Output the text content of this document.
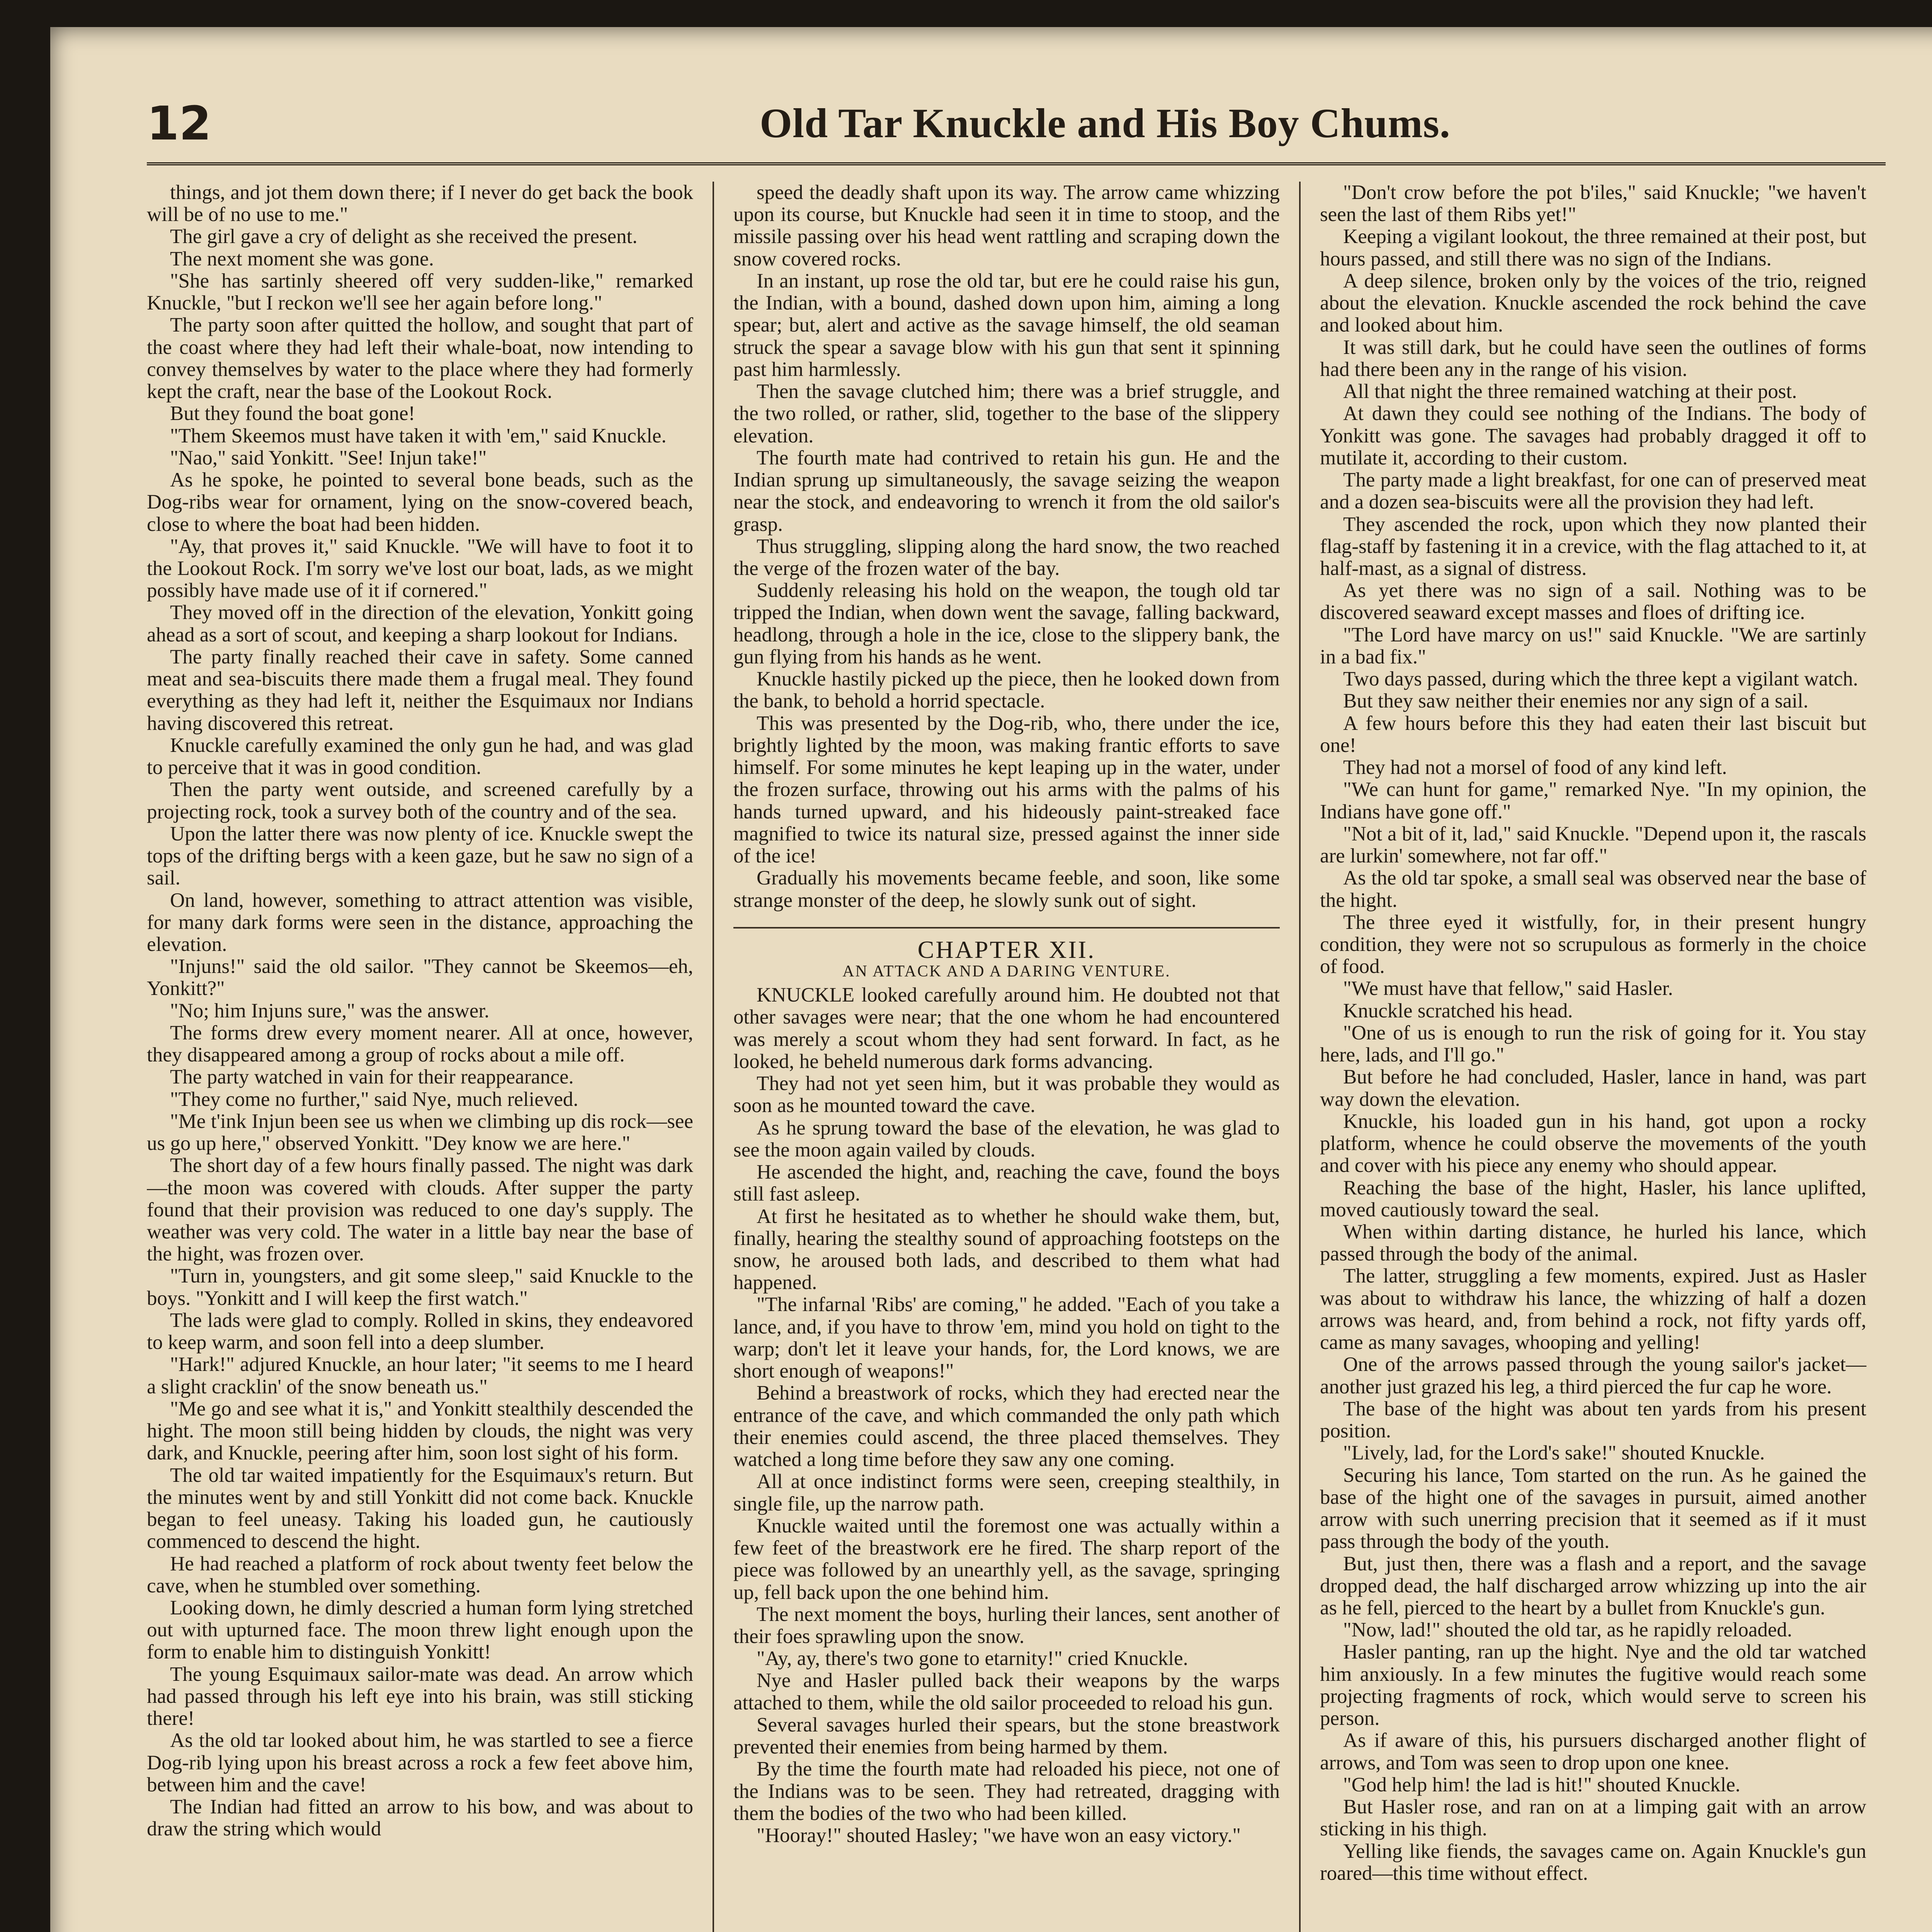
12	Old Tar Knuckle and His Boy Chums.

things, and jot them down there; if I never do get back the book will be of no use to me."

The girl gave a cry of delight as she received the present.

The next moment she was gone.

"She has sartinly sheered off very sudden-like," remarked Knuckle, "but I reckon we'll see her again before long."

The party soon after quitted the hollow, and sought that part of the coast where they had left their whale-boat, now intending to convey themselves by water to the place where they had formerly kept the craft, near the base of the Lookout Rock.

But they found the boat gone!

"Them Skeemos must have taken it with 'em," said Knuckle.

"Nao," said Yonkitt. "See! Injun take!"

As he spoke, he pointed to several bone beads, such as the Dog-ribs wear for ornament, lying on the snow-covered beach, close to where the boat had been hidden.

"Ay, that proves it," said Knuckle. "We will have to foot it to the Lookout Rock. I'm sorry we've lost our boat, lads, as we might possibly have made use of it if cornered."

They moved off in the direction of the elevation, Yonkitt going ahead as a sort of scout, and keeping a sharp lookout for Indians.

The party finally reached their cave in safety. Some canned meat and sea-biscuits there made them a frugal meal. They found everything as they had left it, neither the Esquimaux nor Indians having discovered this retreat.

Knuckle carefully examined the only gun he had, and was glad to perceive that it was in good condition.

Then the party went outside, and screened carefully by a projecting rock, took a survey both of the country and of the sea.

Upon the latter there was now plenty of ice. Knuckle swept the tops of the drifting bergs with a keen gaze, but he saw no sign of a sail.

On land, however, something to attract attention was visible, for many dark forms were seen in the distance, approaching the elevation.

"Injuns!" said the old sailor. "They cannot be Skeemos—eh, Yonkitt?"

"No; him Injuns sure," was the answer.

The forms drew every moment nearer. All at once, however, they disappeared among a group of rocks about a mile off.

The party watched in vain for their reappearance.

"They come no further," said Nye, much relieved.

"Me t'ink Injun been see us when we climbing up dis rock—see us go up here," observed Yonkitt. "Dey know we are here."

The short day of a few hours finally passed. The night was dark—the moon was covered with clouds. After supper the party found that their provision was reduced to one day's supply. The weather was very cold. The water in a little bay near the base of the hight, was frozen over.

"Turn in, youngsters, and git some sleep," said Knuckle to the boys. "Yonkitt and I will keep the first watch."

The lads were glad to comply. Rolled in skins, they endeavored to keep warm, and soon fell into a deep slumber.

"Hark!" adjured Knuckle, an hour later; "it seems to me I heard a slight cracklin' of the snow beneath us."

"Me go and see what it is," and Yonkitt stealthily descended the hight. The moon still being hidden by clouds, the night was very dark, and Knuckle, peering after him, soon lost sight of his form.

The old tar waited impatiently for the Esquimaux's return. But the minutes went by and still Yonkitt did not come back. Knuckle began to feel uneasy. Taking his loaded gun, he cautiously commenced to descend the hight.

He had reached a platform of rock about twenty feet below the cave, when he stumbled over something.

Looking down, he dimly descried a human form lying stretched out with upturned face. The moon threw light enough upon the form to enable him to distinguish Yonkitt!

The young Esquimaux sailor-mate was dead. An arrow which had passed through his left eye into his brain, was still sticking there!

As the old tar looked about him, he was startled to see a fierce Dog-rib lying upon his breast across a rock a few feet above him, between him and the cave!

The Indian had fitted an arrow to his bow, and was about to draw the string which would

speed the deadly shaft upon its way. The arrow came whizzing upon its course, but Knuckle had seen it in time to stoop, and the missile passing over his head went rattling and scraping down the snow covered rocks.

In an instant, up rose the old tar, but ere he could raise his gun, the Indian, with a bound, dashed down upon him, aiming a long spear; but, alert and active as the savage himself, the old seaman struck the spear a savage blow with his gun that sent it spinning past him harmlessly.

Then the savage clutched him; there was a brief struggle, and the two rolled, or rather, slid, together to the base of the slippery elevation.

The fourth mate had contrived to retain his gun. He and the Indian sprung up simultaneously, the savage seizing the weapon near the stock, and endeavoring to wrench it from the old sailor's grasp.

Thus struggling, slipping along the hard snow, the two reached the verge of the frozen water of the bay.

Suddenly releasing his hold on the weapon, the tough old tar tripped the Indian, when down went the savage, falling backward, headlong, through a hole in the ice, close to the slippery bank, the gun flying from his hands as he went.

Knuckle hastily picked up the piece, then he looked down from the bank, to behold a horrid spectacle.

This was presented by the Dog-rib, who, there under the ice, brightly lighted by the moon, was making frantic efforts to save himself. For some minutes he kept leaping up in the water, under the frozen surface, throwing out his arms with the palms of his hands turned upward, and his hideously paint-streaked face magnified to twice its natural size, pressed against the inner side of the ice!

Gradually his movements became feeble, and soon, like some strange monster of the deep, he slowly sunk out of sight.

CHAPTER XII.
AN ATTACK AND A DARING VENTURE.

KNUCKLE looked carefully around him. He doubted not that other savages were near; that the one whom he had encountered was merely a scout whom they had sent forward. In fact, as he looked, he beheld numerous dark forms advancing.

They had not yet seen him, but it was probable they would as soon as he mounted toward the cave.

As he sprung toward the base of the elevation, he was glad to see the moon again vailed by clouds.

He ascended the hight, and, reaching the cave, found the boys still fast asleep.

At first he hesitated as to whether he should wake them, but, finally, hearing the stealthy sound of approaching footsteps on the snow, he aroused both lads, and described to them what had happened.

"The infarnal 'Ribs' are coming," he added. "Each of you take a lance, and, if you have to throw 'em, mind you hold on tight to the warp; don't let it leave your hands, for, the Lord knows, we are short enough of weapons!"

Behind a breastwork of rocks, which they had erected near the entrance of the cave, and which commanded the only path which their enemies could ascend, the three placed themselves. They watched a long time before they saw any one coming.

All at once indistinct forms were seen, creeping stealthily, in single file, up the narrow path.

Knuckle waited until the foremost one was actually within a few feet of the breastwork ere he fired. The sharp report of the piece was followed by an unearthly yell, as the savage, springing up, fell back upon the one behind him.

The next moment the boys, hurling their lances, sent another of their foes sprawling upon the snow.

"Ay, ay, there's two gone to etarnity!" cried Knuckle.

Nye and Hasler pulled back their weapons by the warps attached to them, while the old sailor proceeded to reload his gun.

Several savages hurled their spears, but the stone breastwork prevented their enemies from being harmed by them.

By the time the fourth mate had reloaded his piece, not one of the Indians was to be seen. They had retreated, dragging with them the bodies of the two who had been killed.

"Hooray!" shouted Hasley; "we have won an easy victory."

"Don't crow before the pot b'iles," said Knuckle; "we haven't seen the last of them Ribs yet!"

Keeping a vigilant lookout, the three remained at their post, but hours passed, and still there was no sign of the Indians.

A deep silence, broken only by the voices of the trio, reigned about the elevation. Knuckle ascended the rock behind the cave and looked about him.

It was still dark, but he could have seen the outlines of forms had there been any in the range of his vision.

All that night the three remained watching at their post.

At dawn they could see nothing of the Indians. The body of Yonkitt was gone. The savages had probably dragged it off to mutilate it, according to their custom.

The party made a light breakfast, for one can of preserved meat and a dozen sea-biscuits were all the provision they had left.

They ascended the rock, upon which they now planted their flag-staff by fastening it in a crevice, with the flag attached to it, at half-mast, as a signal of distress.

As yet there was no sign of a sail. Nothing was to be discovered seaward except masses and floes of drifting ice.

"The Lord have marcy on us!" said Knuckle. "We are sartinly in a bad fix."

Two days passed, during which the three kept a vigilant watch.

But they saw neither their enemies nor any sign of a sail.

A few hours before this they had eaten their last biscuit but one!

They had not a morsel of food of any kind left.

"We can hunt for game," remarked Nye. "In my opinion, the Indians have gone off."

"Not a bit of it, lad," said Knuckle. "Depend upon it, the rascals are lurkin' somewhere, not far off."

As the old tar spoke, a small seal was observed near the base of the hight.

The three eyed it wistfully, for, in their present hungry condition, they were not so scrupulous as formerly in the choice of food.

"We must have that fellow," said Hasler.

Knuckle scratched his head.

"One of us is enough to run the risk of going for it. You stay here, lads, and I'll go."

But before he had concluded, Hasler, lance in hand, was part way down the elevation.

Knuckle, his loaded gun in his hand, got upon a rocky platform, whence he could observe the movements of the youth and cover with his piece any enemy who should appear.

Reaching the base of the hight, Hasler, his lance uplifted, moved cautiously toward the seal.

When within darting distance, he hurled his lance, which passed through the body of the animal.

The latter, struggling a few moments, expired. Just as Hasler was about to withdraw his lance, the whizzing of half a dozen arrows was heard, and, from behind a rock, not fifty yards off, came as many savages, whooping and yelling!

One of the arrows passed through the young sailor's jacket—another just grazed his leg, a third pierced the fur cap he wore.

The base of the hight was about ten yards from his present position.

"Lively, lad, for the Lord's sake!" shouted Knuckle.

Securing his lance, Tom started on the run. As he gained the base of the hight one of the savages in pursuit, aimed another arrow with such unerring precision that it seemed as if it must pass through the body of the youth.

But, just then, there was a flash and a report, and the savage dropped dead, the half discharged arrow whizzing up into the air as he fell, pierced to the heart by a bullet from Knuckle's gun.

"Now, lad!" shouted the old tar, as he rapidly reloaded.

Hasler panting, ran up the hight. Nye and the old tar watched him anxiously. In a few minutes the fugitive would reach some projecting fragments of rock, which would serve to screen his person.

As if aware of this, his pursuers discharged another flight of arrows, and Tom was seen to drop upon one knee.

"God help him! the lad is hit!" shouted Knuckle.

But Hasler rose, and ran on at a limping gait with an arrow sticking in his thigh.

Yelling like fiends, the savages came on. Again Knuckle's gun roared—this time without effect.
